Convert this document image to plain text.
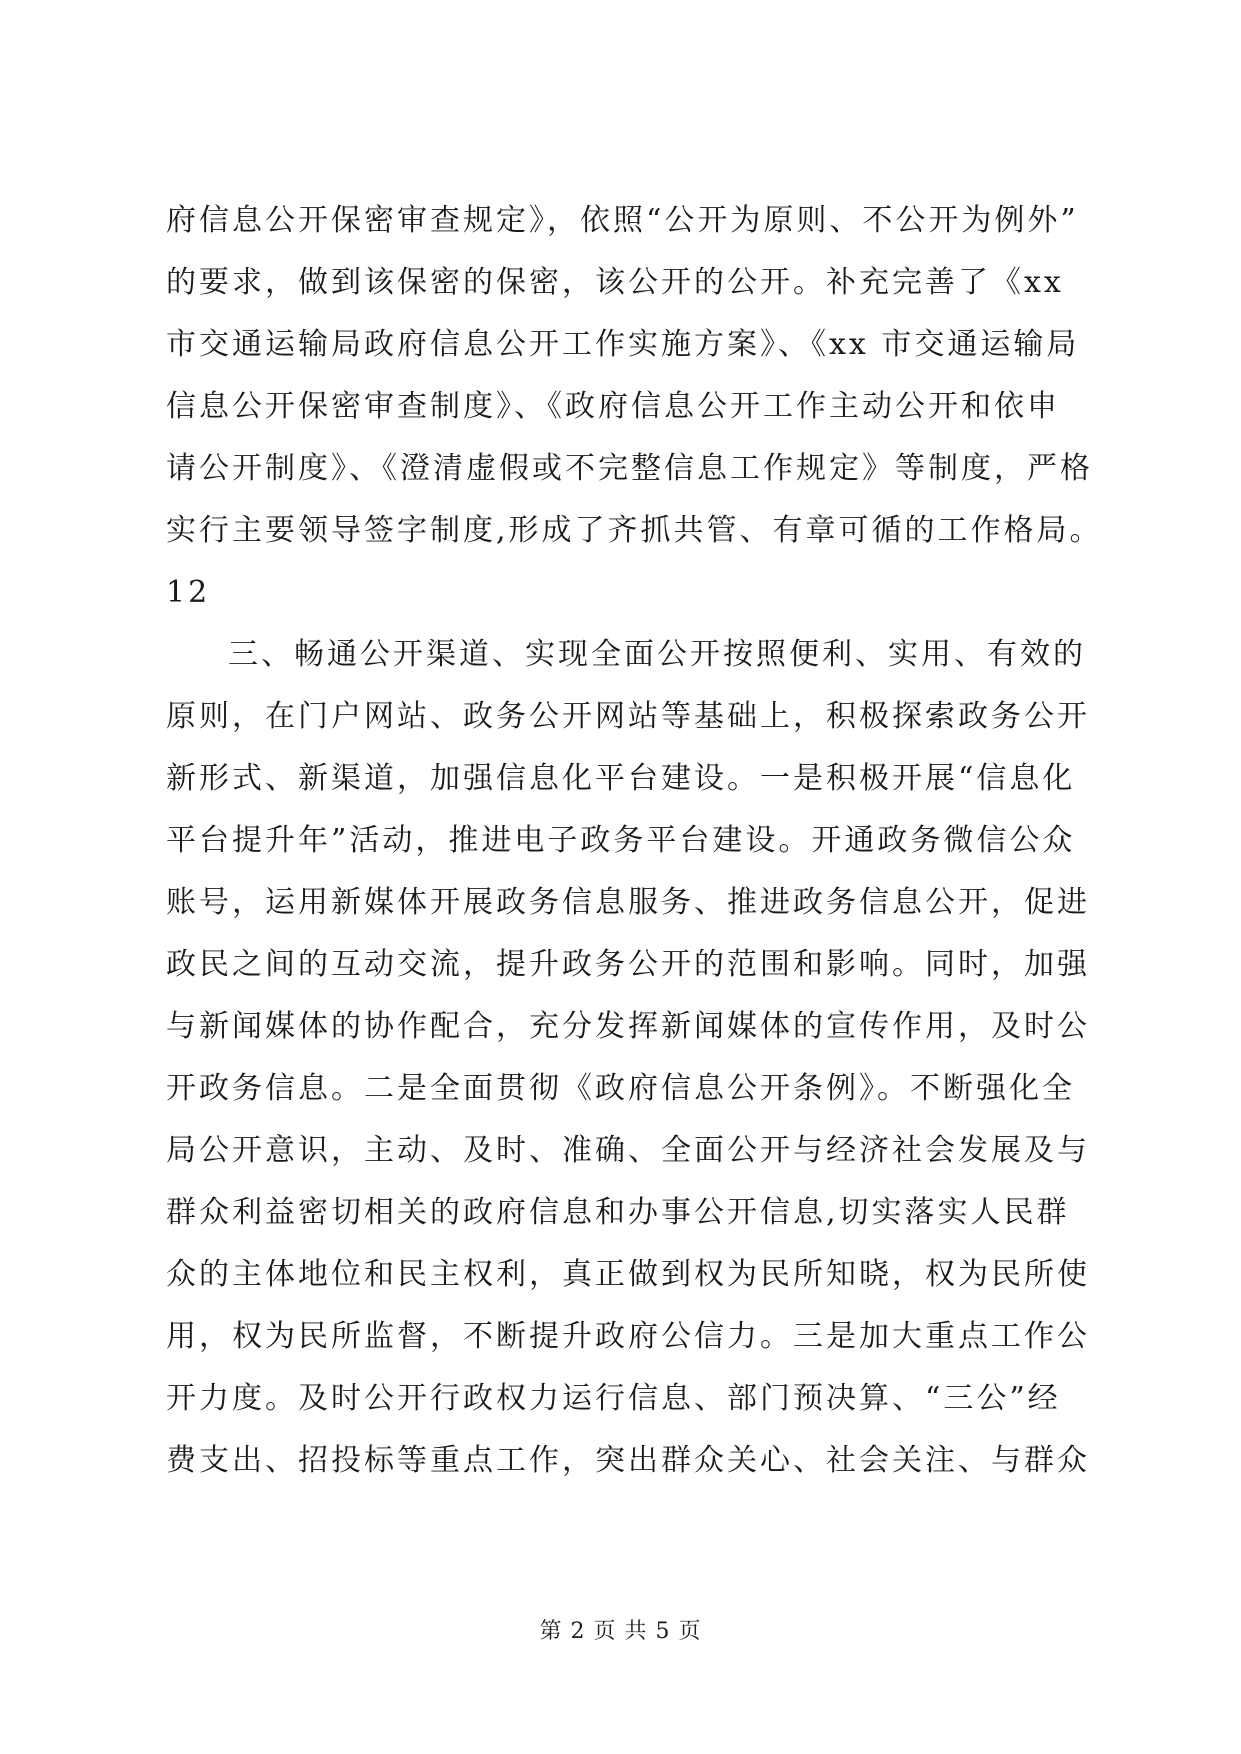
府信息公开保密审查规定》，依照“公开为原则、不公开为例外”
的要求，做到该保密的保密，该公开的公开。补充完善了《xx
市交通运输局政府信息公开工作实施方案》、《xx 市交通运输局
信息公开保密审查制度》、《政府信息公开工作主动公开和依申
请公开制度》、《澄清虚假或不完整信息工作规定》等制度，严格
实行主要领导签字制度,形成了齐抓共管、有章可循的工作格局。
12
三、畅通公开渠道、实现全面公开按照便利、实用、有效的
原则，在门户网站、政务公开网站等基础上，积极探索政务公开
新形式、新渠道，加强信息化平台建设。一是积极开展“信息化
平台提升年”活动，推进电子政务平台建设。开通政务微信公众
账号，运用新媒体开展政务信息服务、推进政务信息公开，促进
政民之间的互动交流，提升政务公开的范围和影响。同时，加强
与新闻媒体的协作配合，充分发挥新闻媒体的宣传作用，及时公
开政务信息。二是全面贯彻《政府信息公开条例》。不断强化全
局公开意识，主动、及时、准确、全面公开与经济社会发展及与
群众利益密切相关的政府信息和办事公开信息,切实落实人民群
众的主体地位和民主权利，真正做到权为民所知晓，权为民所使
用，权为民所监督，不断提升政府公信力。三是加大重点工作公
开力度。及时公开行政权力运行信息、部门预决算、“三公”经
费支出、招投标等重点工作，突出群众关心、社会关注、与群众
第 2 页 共 5 页
